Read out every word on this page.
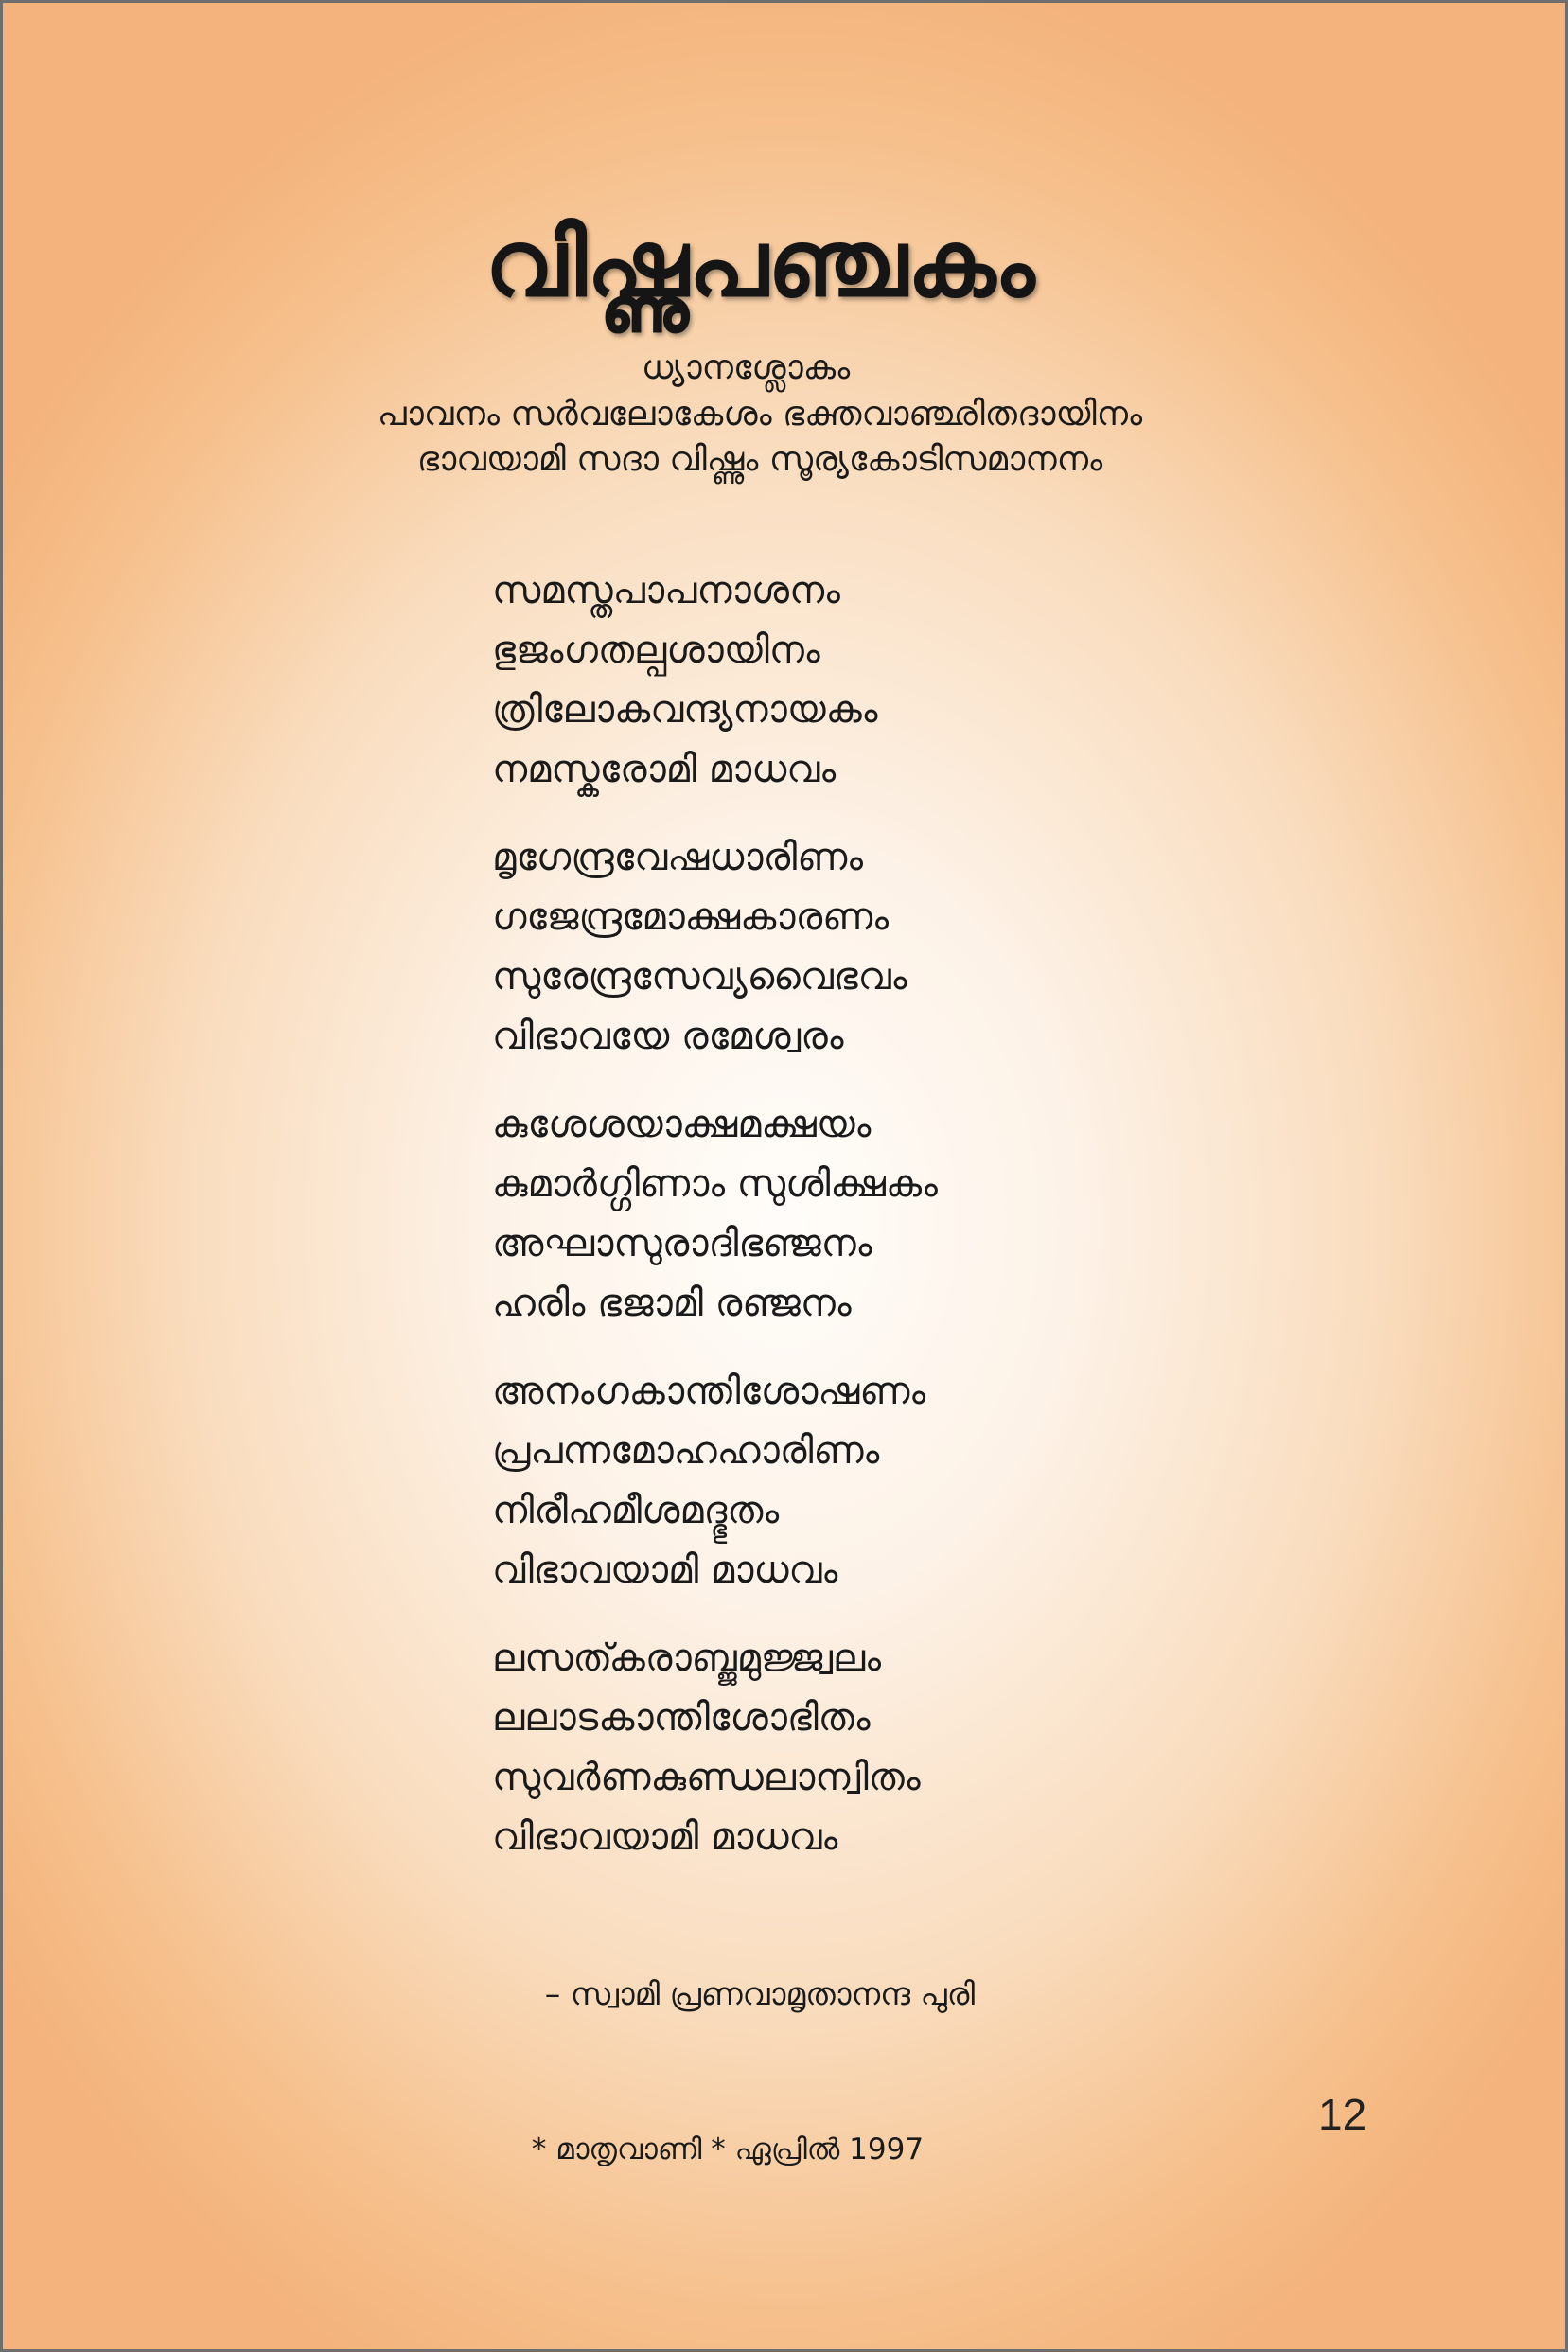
വിഷ്ണുപഞ്ചകം
ധ്യാനശ്ലോകം
പാവനം സർവലോകേശം ഭക്തവാഞ്ഛിതദായിനം
ഭാവയാമി സദാ വിഷ്ണും സൂര്യകോടിസമാനനം
സമസ്തപാപനാശനം
ഭുജംഗതല്പശായിനം
ത്രിലോകവന്ദ്യനായകം
നമസ്കരോമി മാധവം
മൃഗേന്ദ്രവേഷധാരിണം
ഗജേന്ദ്രമോക്ഷകാരണം
സുരേന്ദ്രസേവ്യവൈഭവം
വിഭാവയേ രമേശ്വരം
കുശേശയാക്ഷമക്ഷയം
കുമാർഗ്ഗിണാം സുശിക്ഷകം
അഘാസുരാദിഭഞ്ജനം
ഹരിം ഭജാമി രഞ്ജനം
അനംഗകാന്തിശോഷണം
പ്രപന്നമോഹഹാരിണം
നിരീഹമീശമദ്ഭുതം
വിഭാവയാമി മാധവം
ലസത്കരാബ്ജമുജ്ജ്വലം
ലലാടകാന്തിശോഭിതം
സുവർണകുണ്ഡലാന്വിതം
വിഭാവയാമി മാധവം
– സ്വാമി പ്രണവാമൃതാനന്ദ പുരി
12
* മാതൃവാണി * ഏപ്രിൽ 1997
